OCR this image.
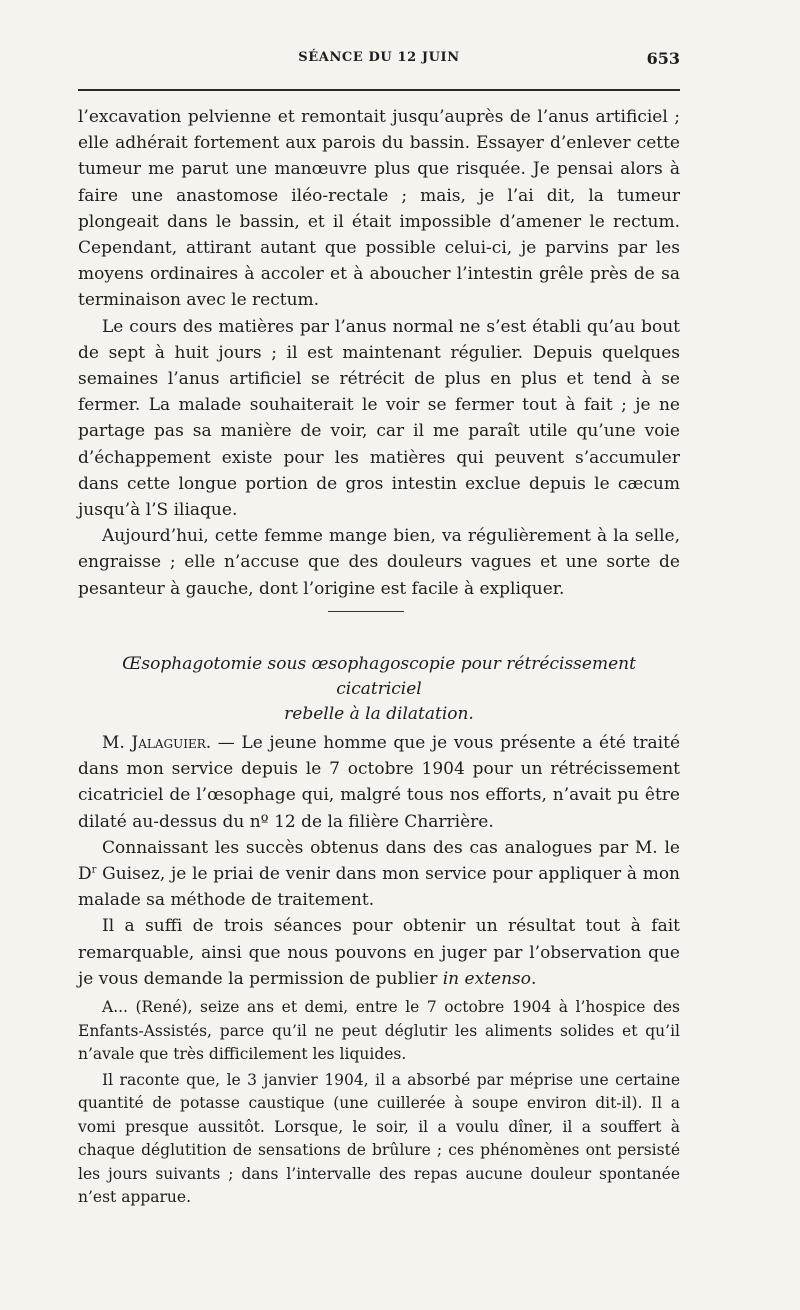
SÉANCE DU 12 JUIN	653

l’excavation pelvienne et remontait jusqu’auprès de l’anus artificiel ; elle adhérait fortement aux parois du bassin. Essayer d’enlever cette tumeur me parut une manœuvre plus que risquée. Je pensai alors à faire une anastomose iléo-rectale ; mais, je l’ai dit, la tumeur plongeait dans le bassin, et il était impossible d’amener le rectum. Cependant, attirant autant que possible celui-ci, je parvins par les moyens ordinaires à accoler et à aboucher l’intestin grêle près de sa terminaison avec le rectum.

Le cours des matières par l’anus normal ne s’est établi qu’au bout de sept à huit jours ; il est maintenant régulier. Depuis quelques semaines l’anus artificiel se rétrécit de plus en plus et tend à se fermer. La malade souhaiterait le voir se fermer tout à fait ; je ne partage pas sa manière de voir, car il me paraît utile qu’une voie d’échappement existe pour les matières qui peuvent s’accumuler dans cette longue portion de gros intestin exclue depuis le cæcum jusqu’à l’S iliaque.

Aujourd’hui, cette femme mange bien, va régulièrement à la selle, engraisse ; elle n’accuse que des douleurs vagues et une sorte de pesanteur à gauche, dont l’origine est facile à expliquer.

Œsophagotomie sous œsophagoscopie pour rétrécissement cicatriciel
rebelle à la dilatation.

M. Jalaguier. — Le jeune homme que je vous présente a été traité dans mon service depuis le 7 octobre 1904 pour un rétrécissement cicatriciel de l’œsophage qui, malgré tous nos efforts, n’avait pu être dilaté au-dessus du nº 12 de la filière Charrière.

Connaissant les succès obtenus dans des cas analogues par M. le $D^r$ Guisez, je le priai de venir dans mon service pour appliquer à mon malade sa méthode de traitement.

Il a suffi de trois séances pour obtenir un résultat tout à fait remarquable, ainsi que nous pouvons en juger par l’observation que je vous demande la permission de publier in extenso.

A... (René), seize ans et demi, entre le 7 octobre 1904 à l’hospice des Enfants-Assistés, parce qu’il ne peut déglutir les aliments solides et qu’il n’avale que très difficilement les liquides.

Il raconte que, le 3 janvier 1904, il a absorbé par méprise une certaine quantité de potasse caustique (une cuillerée à soupe environ dit-il). Il a vomi presque aussitôt. Lorsque, le soir, il a voulu dîner, il a souffert à chaque déglutition de sensations de brûlure ; ces phénomènes ont persisté les jours suivants ; dans l’intervalle des repas aucune douleur spontanée n’est apparue.
